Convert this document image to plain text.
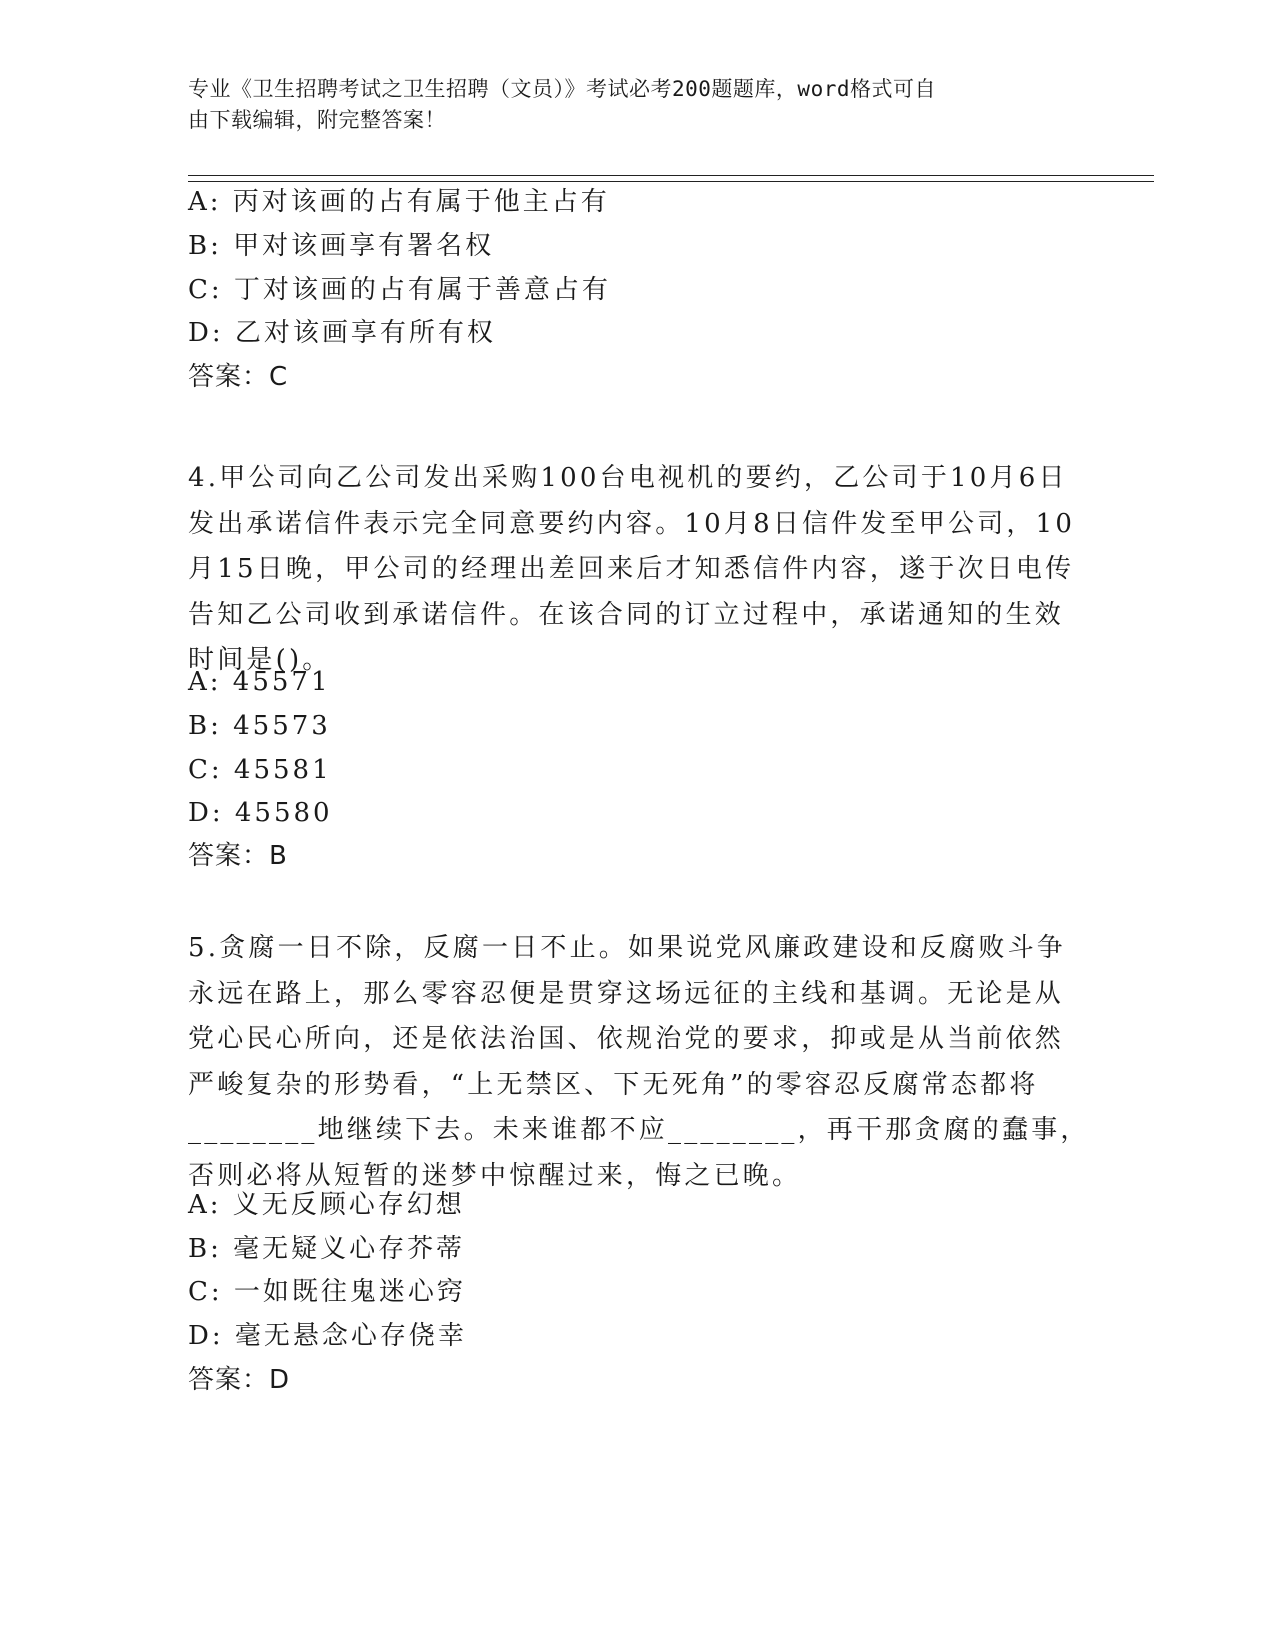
专业《卫生招聘考试之卫生招聘（文员）》考试必考200题题库，word格式可自
由下载编辑，附完整答案！
A: 丙对该画的占有属于他主占有
B: 甲对该画享有署名权
C: 丁对该画的占有属于善意占有
D: 乙对该画享有所有权
答案：C
4.甲公司向乙公司发出采购100台电视机的要约，乙公司于10月6日
发出承诺信件表示完全同意要约内容。10月8日信件发至甲公司，10
月15日晚，甲公司的经理出差回来后才知悉信件内容，遂于次日电传
告知乙公司收到承诺信件。在该合同的订立过程中，承诺通知的生效
时间是()。
A: 45571
B: 45573
C: 45581
D: 45580
答案：B
5.贪腐一日不除，反腐一日不止。如果说党风廉政建设和反腐败斗争
永远在路上，那么零容忍便是贯穿这场远征的主线和基调。无论是从
党心民心所向，还是依法治国、依规治党的要求，抑或是从当前依然
严峻复杂的形势看，“上无禁区、下无死角”的零容忍反腐常态都将
________地继续下去。未来谁都不应________，再干那贪腐的蠢事，
否则必将从短暂的迷梦中惊醒过来，悔之已晚。
A: 义无反顾心存幻想
B: 毫无疑义心存芥蒂
C: 一如既往鬼迷心窍
D: 毫无悬念心存侥幸
答案：D
